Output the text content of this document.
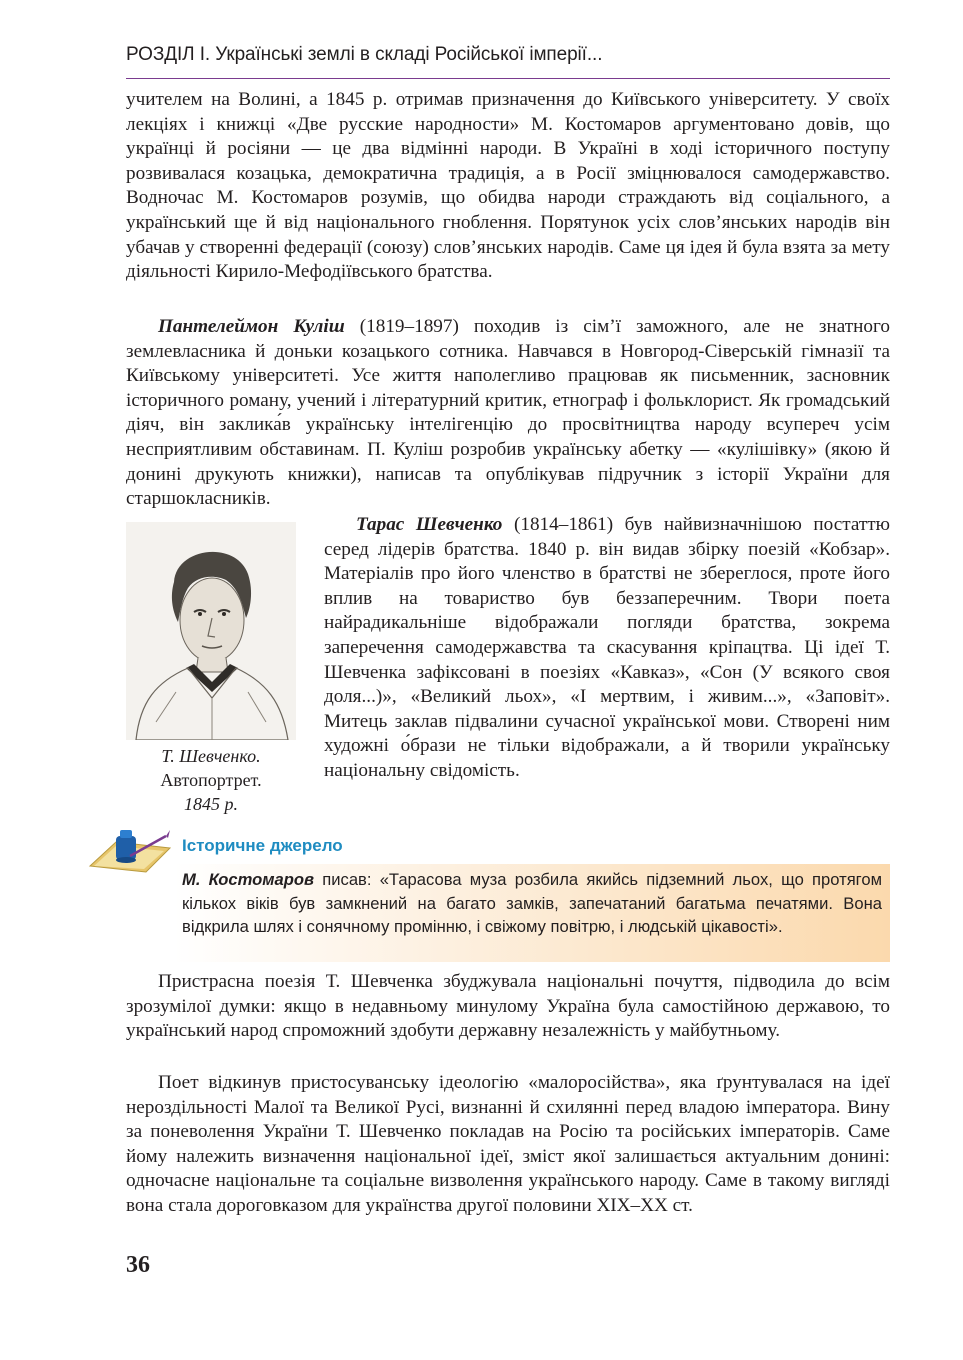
РОЗДІЛ І. Українські землі в складі Російської імперії...

учителем на Волині, а 1845 р. отримав призначення до Київського університету. У своїх лекціях і книжці «Две русские народности» М. Костомаров аргументовано довів, що українці й росіяни — це два відмінні народи. В Україні в ході історичного поступу розвивалася козацька, демократична традиція, а в Росії зміцнювалося самодержавство. Водночас М. Костомаров розумів, що обидва народи страждають від соціального, а український ще й від національного гноблення. Порятунок усіх слов’янських народів він убачав у створенні федерації (союзу) слов’янських народів. Саме ця ідея й була взята за мету діяльності Кирило-Мефодіївського братства.

Пантелеймон Куліш (1819–1897) походив із сім’ї заможного, але не знатного землевласника й доньки козацького сотника. Навчався в Новгород-Сіверській гімназії та Київському університеті. Усе життя наполегливо працював як письменник, засновник історичного роману, учений і літературний критик, етнограф і фольклорист. Як громадський діяч, він заклика́в українську інтелігенцію до просвітництва народу всупереч усім несприятливим обставинам. П. Куліш розробив українську абетку — «кулішівку» (якою й донині друкують книжки), написав та опублікував підручник з історії України для старшокласників.

Т. Шевченко.
Автопортрет.
1845 р.

Тарас Шевченко (1814–1861) був найвизначнішою постаттю серед лідерів братства. 1840 р. він видав збірку поезій «Кобзар». Матеріалів про його членство в братстві не збереглося, проте його вплив на товариство був беззаперечним. Твори поета найрадикальніше відображали погляди братства, зокрема заперечення самодержавства та скасування кріпацтва. Ці ідеї Т. Шевченка зафіксовані в поезіях «Кавказ», «Сон (У всякого своя доля...)», «Великий льох», «І мертвим, і живим...», «Заповіт». Митець заклав підвалини сучасної української мови. Створені ним художні о́брази не тільки відображали, а й творили українську національну свідомість.

Історичне джерело

М. Костомаров писав: «Тарасова муза розбила якийсь підземний льох, що протягом кількох віків був замкнений на багато замків, запечатаний багатьма печатями. Вона відкрила шлях і сонячному промінню, і свіжому повітрю, і людській цікавості».

Пристрасна поезія Т. Шевченка збуджувала національні почуття, підводила до всім зрозумілої думки: якщо в недавньому минулому Україна була самостійною державою, то український народ спроможний здобути державну незалежність у майбутньому.

Поет відкинув пристосуванську ідеологію «малоросійства», яка ґрунтувалася на ідеї нероздільності Малої та Великої Русі, визнанні й схилянні перед владою імператора. Вину за поневолення України Т. Шевченко покладав на Росію та російських імператорів. Саме йому належить визначення національної ідеї, зміст якої залишається актуальним донині: одночасне національне та соціальне визволення українського народу. Саме в такому вигляді вона стала дороговказом для українства другої половини XIX–XX ст.

36
